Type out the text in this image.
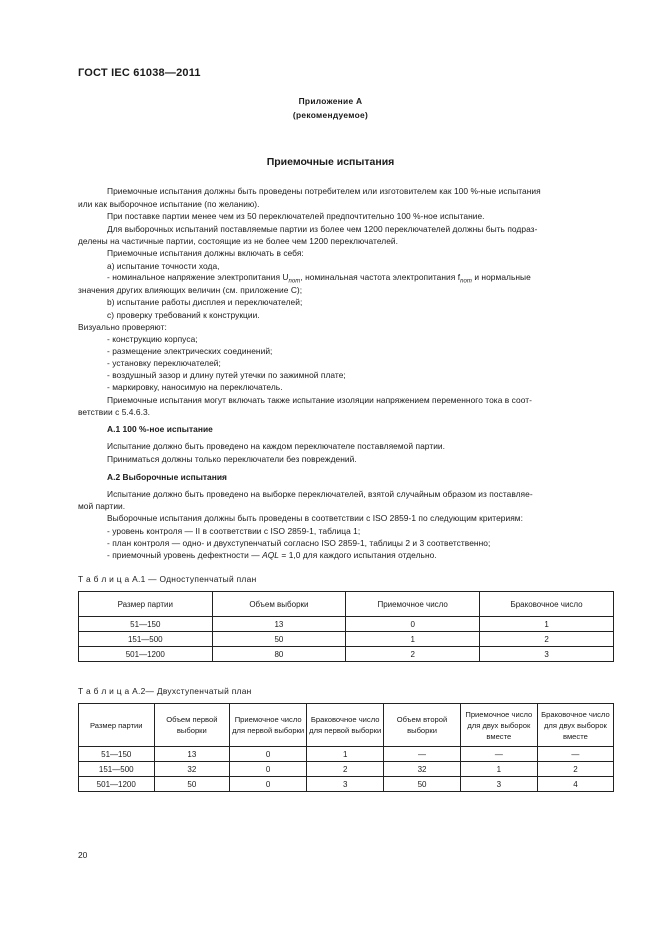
ГОСТ IEC 61038—2011
Приложение А
(рекомендуемое)
Приемочные испытания
Приемочные испытания должны быть проведены потребителем или изготовителем как 100 %-ные испытания
или как выборочное испытание (по желанию).
При поставке партии менее чем из 50 переключателей предпочтительно 100 %-ное испытание.
Для выборочных испытаний поставляемые партии из более чем 1200 переключателей должны быть подраз-
делены на частичные партии, состоящие из не более чем 1200 переключателей.
Приемочные испытания должны включать в себя:
а) испытание точности хода,
- номинальное напряжение электропитания $U_{nom}$, номинальная частота электропитания $f_{nom}$ и нормальные
значения других влияющих величин (см. приложение С);
b) испытание работы дисплея и переключателей;
с) проверку требований к конструкции.
Визуально проверяют:
- конструкцию корпуса;
- размещение электрических соединений;
- установку переключателей;
- воздушный зазор и длину путей утечки по зажимной плате;
- маркировку, наносимую на переключатель.
Приемочные испытания могут включать также испытание изоляции напряжением переменного тока в соот-
ветствии с 5.4.6.3.
А.1 100 %-ное испытание
Испытание должно быть проведено на каждом переключателе поставляемой партии.
Приниматься должны только переключатели без повреждений.
А.2 Выборочные испытания
Испытание должно быть проведено на выборке переключателей, взятой случайным образом из поставляе-
мой партии.
Выборочные испытания должны быть проведены в соответствии с ISO 2859-1 по следующим критериям:
- уровень контроля — II в соответствии с ISO 2859-1, таблица 1;
- план контроля — одно- и двухступенчатый согласно ISO 2859-1, таблицы 2 и 3 соответственно;
- приемочный уровень дефектности — AQL = 1,0 для каждого испытания отдельно.
Т а б л и ц а А.1 — Одноступенчатый план
Размер партии	Объем выборки	Приемочное число	Браковочное число
51—150	13	0	1
151—500	50	1	2
501—1200	80	2	3
Т а б л и ц а А.2— Двухступенчатый план
Размер партии	Объем первой выборки	Приемочное число для первой выборки	Браковочное число для первой выборки	Объем второй выборки	Приемочное число для двух выборок вместе	Браковочное число для двух выборок вместе
51—150	13	0	1	—	—	—
151—500	32	0	2	32	1	2
501—1200	50	0	3	50	3	4
20
